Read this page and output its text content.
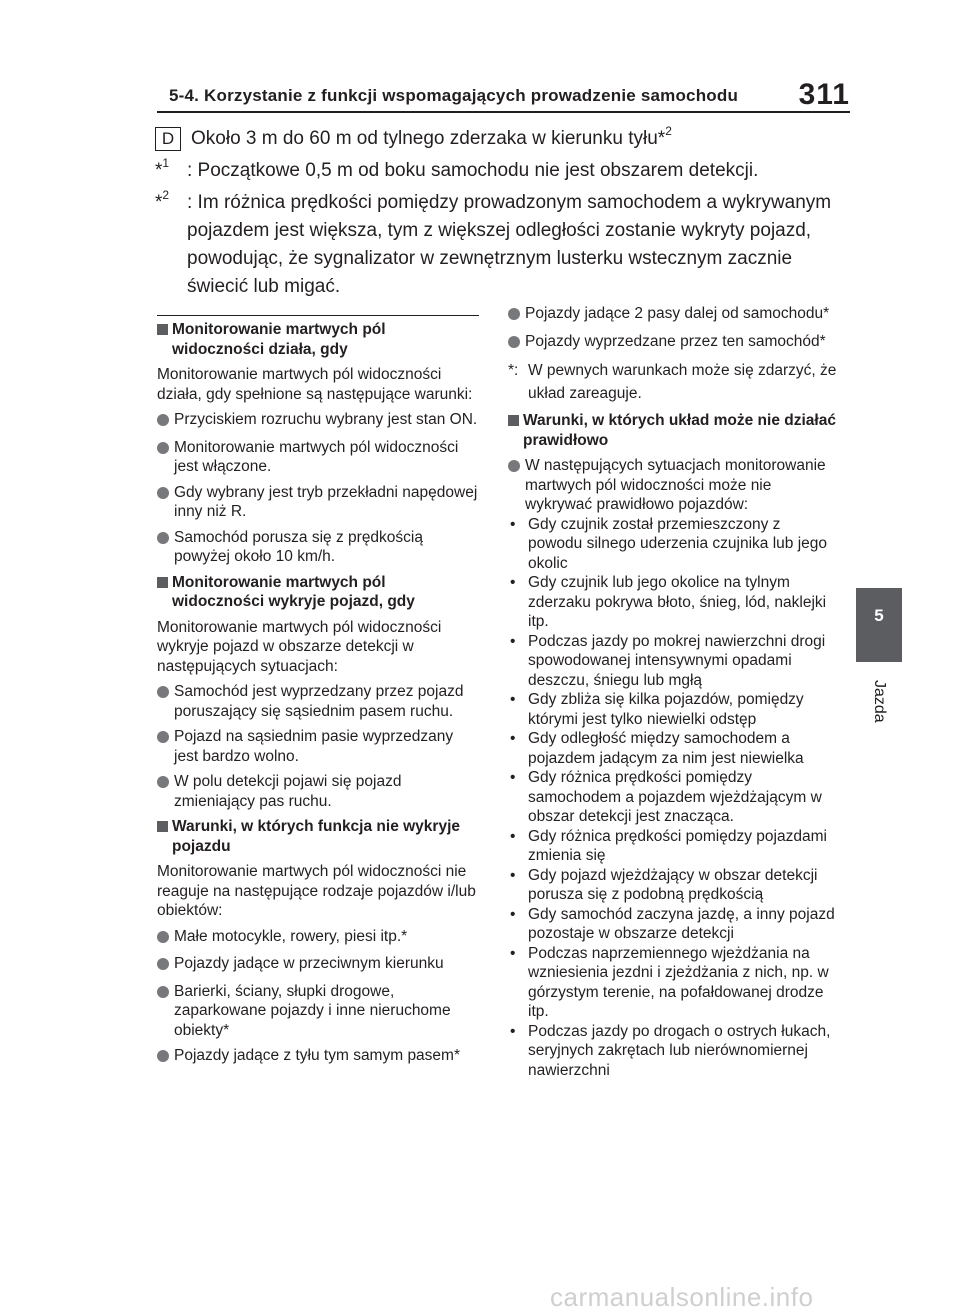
5-4. Korzystanie z funkcji wspomagających prowadzenie samochodu 311
5
Jazda
D Około 3 m do 60 m od tylnego zderzaka w kierunku tyłu*$^2$
*$^1$ : Początkowe 0,5 m od boku samochodu nie jest obszarem detekcji.
*$^2$ : Im różnica prędkości pomiędzy prowadzonym samochodem a wykrywanym pojazdem jest większa, tym z większej odległości zostanie wykryty pojazd, powodując, że sygnalizator w zewnętrznym lusterku wstecznym zacznie świecić lub migać.
Monitorowanie martwych pól widoczności działa, gdy
Monitorowanie martwych pól widoczności działa, gdy spełnione są następujące warunki:
Przyciskiem rozruchu wybrany jest stan ON.
Monitorowanie martwych pól widoczności jest włączone.
Gdy wybrany jest tryb przekładni napędowej inny niż R.
Samochód porusza się z prędkością powyżej około 10 km/h.
Monitorowanie martwych pól widoczności wykryje pojazd, gdy
Monitorowanie martwych pól widoczności wykryje pojazd w obszarze detekcji w następujących sytuacjach:
Samochód jest wyprzedzany przez pojazd poruszający się sąsiednim pasem ruchu.
Pojazd na sąsiednim pasie wyprzedzany jest bardzo wolno.
W polu detekcji pojawi się pojazd zmieniający pas ruchu.
Warunki, w których funkcja nie wykryje pojazdu
Monitorowanie martwych pól widoczności nie reaguje na następujące rodzaje pojazdów i/lub obiektów:
Małe motocykle, rowery, piesi itp.*
Pojazdy jadące w przeciwnym kierunku
Barierki, ściany, słupki drogowe, zaparkowane pojazdy i inne nieruchome obiekty*
Pojazdy jadące z tyłu tym samym pasem*
Pojazdy jadące 2 pasy dalej od samochodu*
Pojazdy wyprzedzane przez ten samochód*
*: W pewnych warunkach może się zdarzyć, że układ zareaguje.
Warunki, w których układ może nie działać prawidłowo
W następujących sytuacjach monitorowanie martwych pól widoczności może nie wykrywać prawidłowo pojazdów:
• Gdy czujnik został przemieszczony z powodu silnego uderzenia czujnika lub jego okolic
• Gdy czujnik lub jego okolice na tylnym zderzaku pokrywa błoto, śnieg, lód, naklejki itp.
• Podczas jazdy po mokrej nawierzchni drogi spowodowanej intensywnymi opadami deszczu, śniegu lub mgłą
• Gdy zbliża się kilka pojazdów, pomiędzy którymi jest tylko niewielki odstęp
• Gdy odległość między samochodem a pojazdem jadącym za nim jest niewielka
• Gdy różnica prędkości pomiędzy samochodem a pojazdem wjeżdżającym w obszar detekcji jest znacząca.
• Gdy różnica prędkości pomiędzy pojazdami zmienia się
• Gdy pojazd wjeżdżający w obszar detekcji porusza się z podobną prędkością
• Gdy samochód zaczyna jazdę, a inny pojazd pozostaje w obszarze detekcji
• Podczas naprzemiennego wjeżdżania na wzniesienia jezdni i zjeżdżania z nich, np. w górzystym terenie, na pofałdowanej drodze itp.
• Podczas jazdy po drogach o ostrych łukach, seryjnych zakrętach lub nierównomiernej nawierzchni
carmanualsonline.info
